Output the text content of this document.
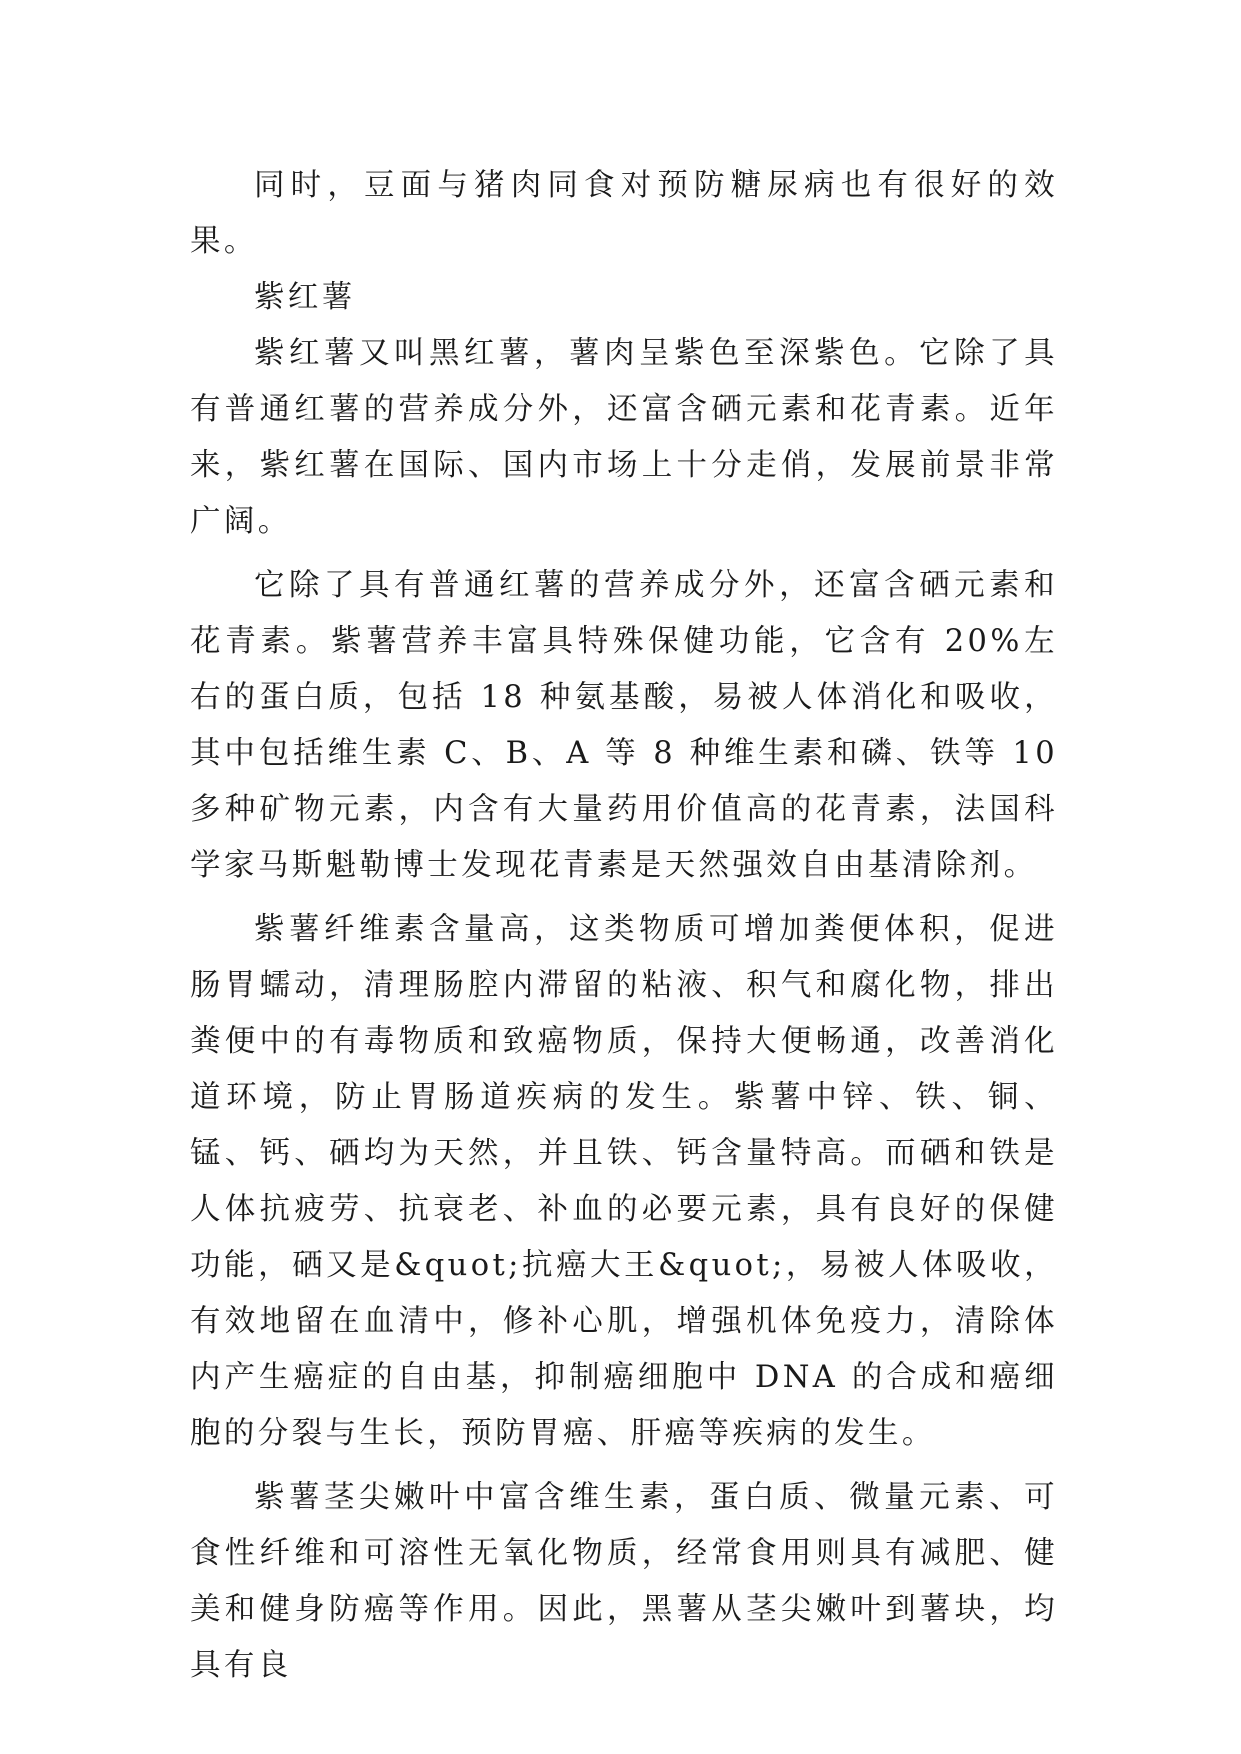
同时，豆面与猪肉同食对预防糖尿病也有很好的效果。

紫红薯

紫红薯又叫黑红薯，薯肉呈紫色至深紫色。它除了具有普通红薯的营养成分外，还富含硒元素和花青素。近年来，紫红薯在国际、国内市场上十分走俏，发展前景非常广阔。

它除了具有普通红薯的营养成分外，还富含硒元素和花青素。紫薯营养丰富具特殊保健功能，它含有 20%左右的蛋白质，包括 18 种氨基酸，易被人体消化和吸收，其中包括维生素 C、B、A 等 8 种维生素和磷、铁等 10 多种矿物元素，内含有大量药用价值高的花青素，法国科学家马斯魁勒博士发现花青素是天然强效自由基清除剂。

紫薯纤维素含量高，这类物质可增加粪便体积，促进肠胃蠕动，清理肠腔内滞留的粘液、积气和腐化物，排出粪便中的有毒物质和致癌物质，保持大便畅通，改善消化道环境，防止胃肠道疾病的发生。紫薯中锌、铁、铜、锰、钙、硒均为天然，并且铁、钙含量特高。而硒和铁是人体抗疲劳、抗衰老、补血的必要元素，具有良好的保健功能，硒又是&quot;抗癌大王&quot;，易被人体吸收，有效地留在血清中，修补心肌，增强机体免疫力，清除体内产生癌症的自由基，抑制癌细胞中 DNA 的合成和癌细胞的分裂与生长，预防胃癌、肝癌等疾病的发生。

紫薯茎尖嫩叶中富含维生素，蛋白质、微量元素、可食性纤维和可溶性无氧化物质，经常食用则具有减肥、健美和健身防癌等作用。因此，黑薯从茎尖嫩叶到薯块，均具有良
